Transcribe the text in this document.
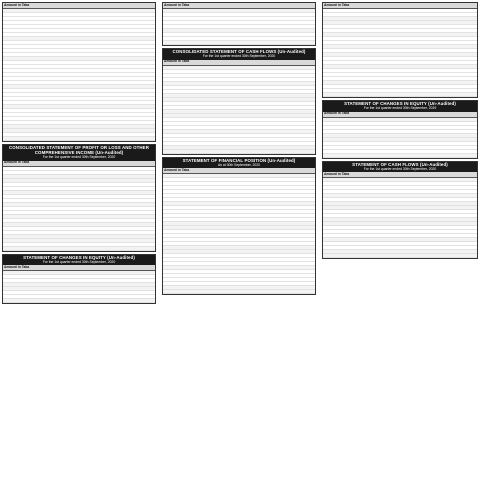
Amount in Taka
CONSOLIDATED STATEMENT OF PROFIT OR LOSS AND OTHER COMPREHENSIVE INCOME (Un-Audited)
For the 1st quarter ended 30th September, 2020
Amount in Taka
STATEMENT OF CHANGES IN EQUITY (Un-Audited)
For the 1st quarter ended 30th September, 2020
Amount in Taka
Amount in Taka
CONSOLIDATED STATEMENT OF CASH FLOWS (Un-Audited)
For the 1st quarter ended 30th September, 2020
Amount in Taka
STATEMENT OF FINANCIAL POSITION (Un-Audited)
As at 30th September, 2020
Amount in Taka
Amount in Taka
STATEMENT OF CHANGES IN EQUITY (Un-Audited)
For the 1st quarter ended 30th September, 2019
Amount in Taka
STATEMENT OF CASH FLOWS (Un-Audited)
For the 1st quarter ended 30th September, 2020
Amount in Taka
